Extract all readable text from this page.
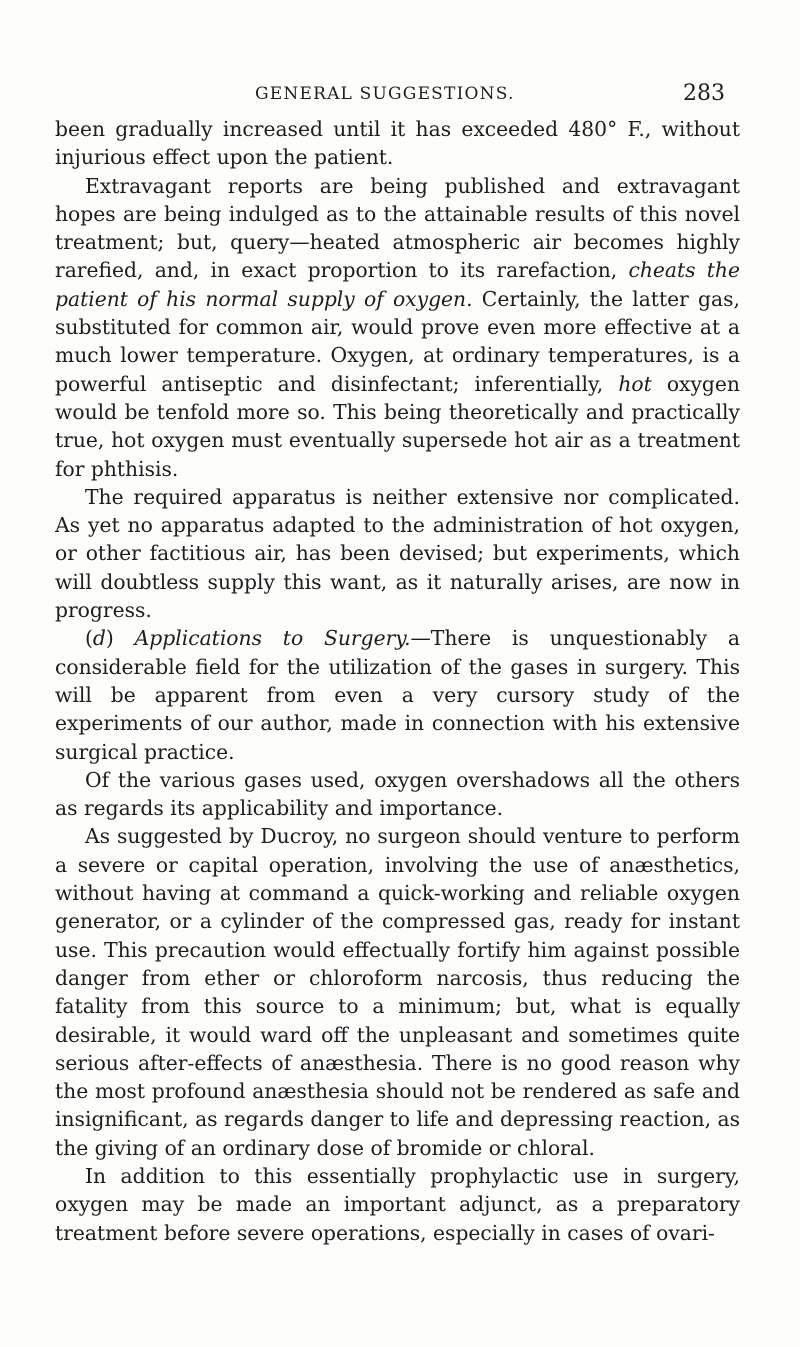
GENERAL SUGGESTIONS.	283

been gradually increased until it has exceeded 480° F., without injurious effect upon the patient.

Extravagant reports are being published and extravagant hopes are being indulged as to the attainable results of this novel treatment; but, query—heated atmospheric air becomes highly rarefied, and, in exact proportion to its rarefaction, cheats the patient of his normal supply of oxygen. Certainly, the latter gas, substituted for common air, would prove even more effective at a much lower temperature. Oxygen, at ordinary temperatures, is a powerful antiseptic and disinfectant; inferentially, hot oxygen would be tenfold more so. This being theoretically and practically true, hot oxygen must eventually supersede hot air as a treatment for phthisis.

The required apparatus is neither extensive nor complicated. As yet no apparatus adapted to the administration of hot oxygen, or other factitious air, has been devised; but experiments, which will doubtless supply this want, as it naturally arises, are now in progress.

(d) Applications to Surgery.—There is unquestionably a considerable field for the utilization of the gases in surgery. This will be apparent from even a very cursory study of the experiments of our author, made in connection with his extensive surgical practice.

Of the various gases used, oxygen overshadows all the others as regards its applicability and importance.

As suggested by Ducroy, no surgeon should venture to perform a severe or capital operation, involving the use of anæsthetics, without having at command a quick-working and reliable oxygen generator, or a cylinder of the compressed gas, ready for instant use. This precaution would effectually fortify him against possible danger from ether or chloroform narcosis, thus reducing the fatality from this source to a minimum; but, what is equally desirable, it would ward off the unpleasant and sometimes quite serious after-effects of anæsthesia. There is no good reason why the most profound anæsthesia should not be rendered as safe and insignificant, as regards danger to life and depressing reaction, as the giving of an ordinary dose of bromide or chloral.

In addition to this essentially prophylactic use in surgery, oxygen may be made an important adjunct, as a preparatory treatment before severe operations, especially in cases of ovari-
